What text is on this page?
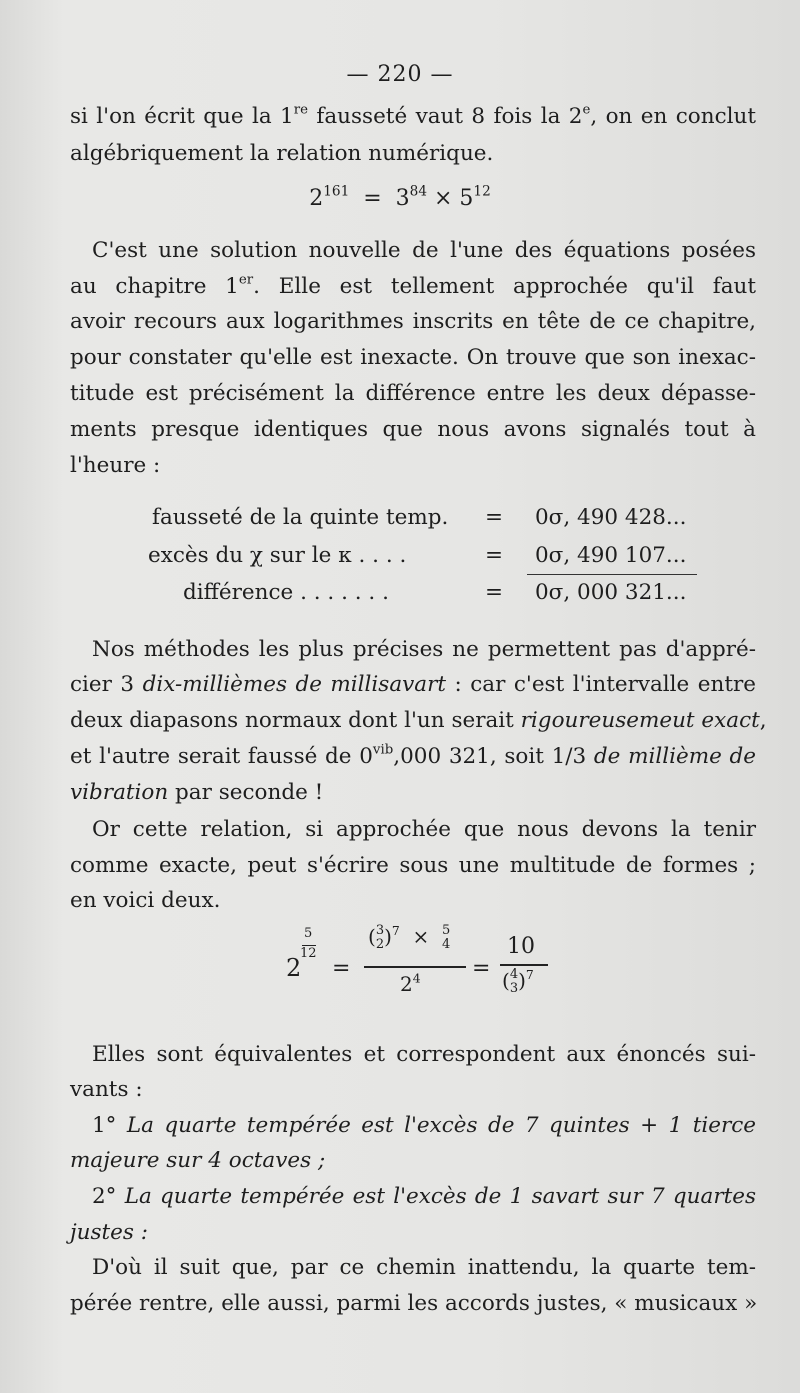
— 220 —
si l'on écrit que la 1re fausseté vaut 8 fois la 2e, on en conclut
algébriquement la relation numérique.
$2^{161} = 3^{84} \times 5^{12}$
C'est une solution nouvelle de l'une des équations posées
au chapitre 1er. Elle est tellement approchée qu'il faut
avoir recours aux logarithmes inscrits en tête de ce chapitre,
pour constater qu'elle est inexacte. On trouve que son inexac-
titude est précisément la différence entre les deux dépasse-
ments presque identiques que nous avons signalés tout à
l'heure :
fausseté de la quinte temp. = 0σ, 490 428...
excès du χ sur le κ . . . .	= 0σ, 490 107...
différence . . . . . . .	= 0σ, 000 321...
Nos méthodes les plus précises ne permettent pas d'appré-
cier 3 dix-millièmes de millisavart : car c'est l'intervalle entre
deux diapasons normaux dont l'un serait rigoureusemeut exact,
et l'autre serait faussé de $0^{vib},000$ 321, soit 1/3 de millième de
vibration par seconde !
Or cette relation, si approchée que nous devons la tenir
comme exacte, peut s'écrire sous une multitude de formes ;
en voici deux.
2
5
12
=
(3
2)$^7$  ×  5
4
$2^4$ =
10
(4
3)$^7$
Elles sont équivalentes et correspondent aux énoncés sui-
vants :
1° La quarte tempérée est l'excès de 7 quintes + 1 tierce
majeure sur 4 octaves ;
2° La quarte tempérée est l'excès de 1 savart sur 7 quartes
justes :
D'où il suit que, par ce chemin inattendu, la quarte tem-
pérée rentre, elle aussi, parmi les accords justes, « musicaux »
